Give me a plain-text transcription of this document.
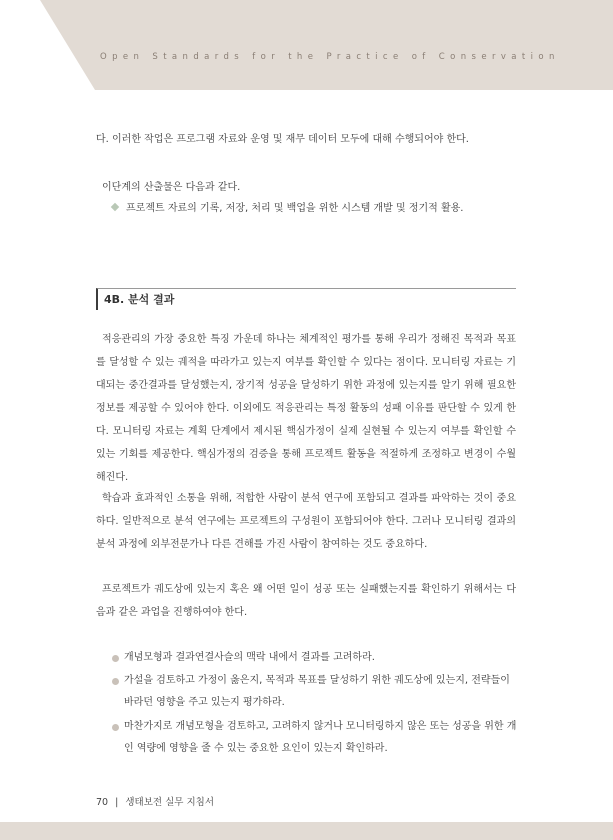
Open Standards for the Practice of Conservation
다. 이러한 작업은 프로그램 자료와 운영 및 재무 데이터 모두에 대해 수행되어야 한다.
이단계의 산출물은 다음과 같다.
프로젝트 자료의 기록, 저장, 처리 및 백업을 위한 시스템 개발 및 정기적 활용.
4B. 분석 결과
적응관리의 가장 중요한 특징 가운데 하나는 체계적인 평가를 통해 우리가 정해진 목적과 목표를 달성할 수 있는 궤적을 따라가고 있는지 여부를 확인할 수 있다는 점이다. 모니터링 자료는 기대되는 중간결과를 달성했는지, 장기적 성공을 달성하기 위한 과정에 있는지를 알기 위해 필요한 정보를 제공할 수 있어야 한다. 이외에도 적응관리는 특정 활동의 성패 이유를 판단할 수 있게 한다. 모니터링 자료는 계획 단계에서 제시된 핵심가정이 실제 실현될 수 있는지 여부를 확인할 수 있는 기회를 제공한다. 핵심가정의 검증을 통해 프로젝트 활동을 적절하게 조정하고 변경이 수월해진다.
학습과 효과적인 소통을 위해, 적합한 사람이 분석 연구에 포함되고 결과를 파악하는 것이 중요하다. 일반적으로 분석 연구에는 프로젝트의 구성원이 포함되어야 한다. 그러나 모니터링 결과의 분석 과정에 외부전문가나 다른 견해를 가진 사람이 참여하는 것도 중요하다.
프로젝트가 궤도상에 있는지 혹은 왜 어떤 일이 성공 또는 실패했는지를 확인하기 위해서는 다음과 같은 과업을 진행하여야 한다.
개념모형과 결과연결사슬의 맥락 내에서 결과를 고려하라.
가설을 검토하고 가정이 옳은지, 목적과 목표를 달성하기 위한 궤도상에 있는지, 전략들이 바라던 영향을 주고 있는지 평가하라.
마찬가지로 개념모형을 검토하고, 고려하지 않거나 모니터링하지 않은 또는 성공을 위한 개인 역량에 영향을 줄 수 있는 중요한 요인이 있는지 확인하라.
70 | 생태보전 실무 지침서
